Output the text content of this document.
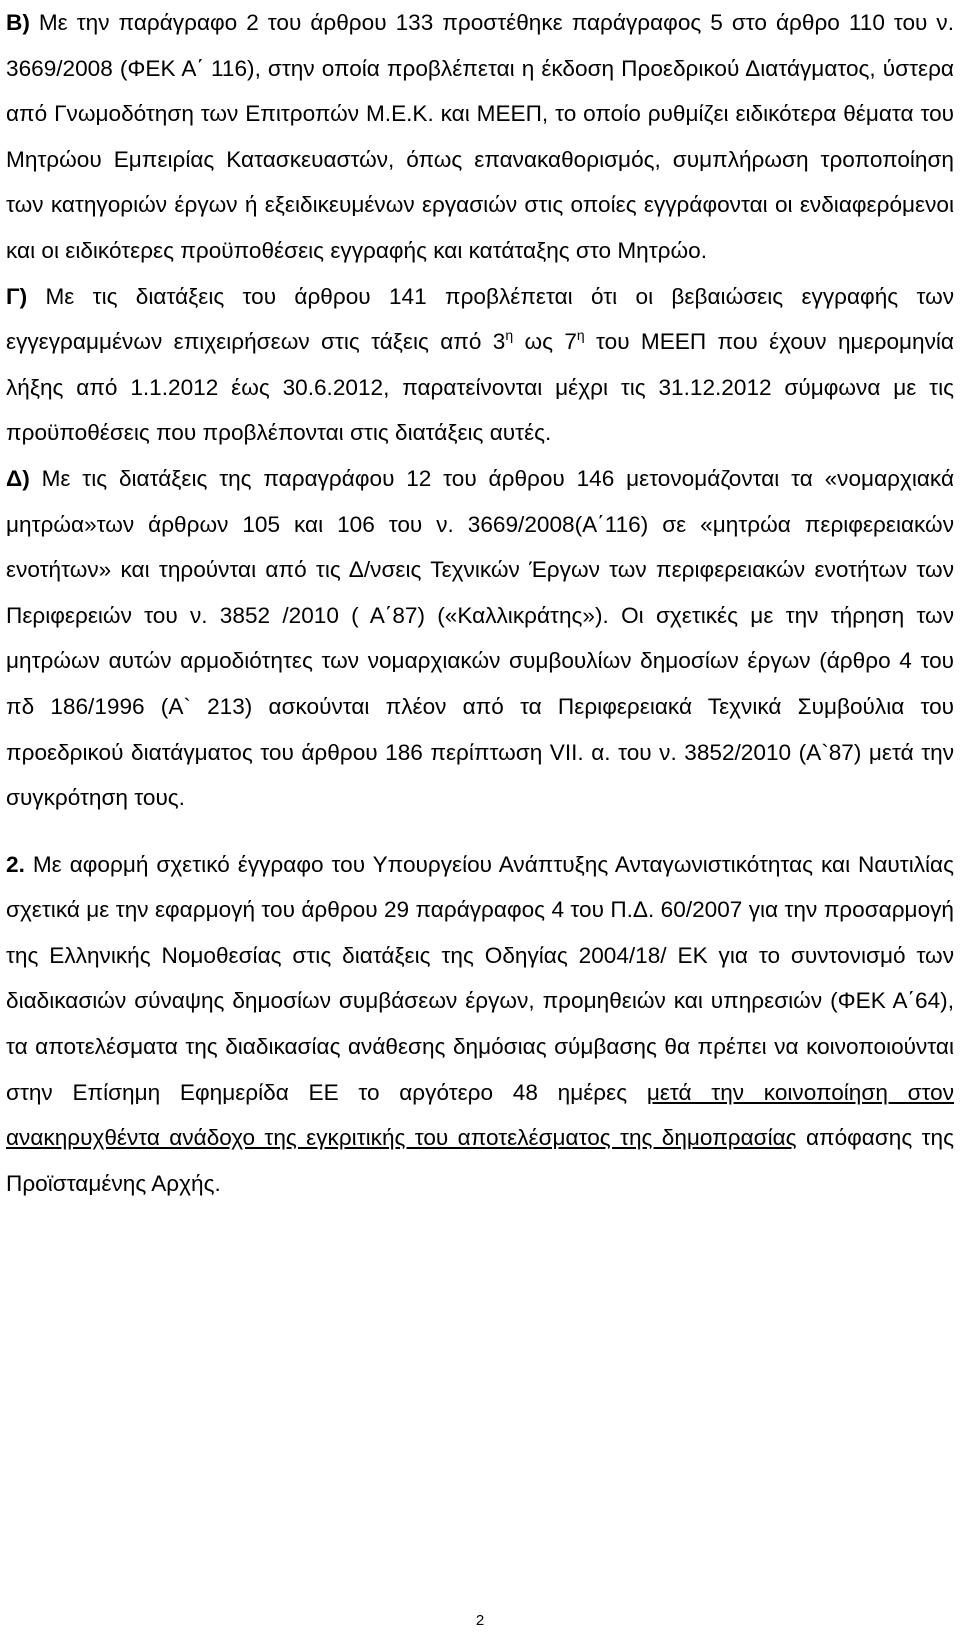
Β) Με την παράγραφο 2 του άρθρου 133 προστέθηκε παράγραφος 5 στο άρθρο 110 του ν. 3669/2008 (ΦΕΚ Α΄ 116), στην οποία προβλέπεται η έκδοση Προεδρικού Διατάγματος, ύστερα από Γνωμοδότηση των Επιτροπών Μ.Ε.Κ. και ΜΕΕΠ, το οποίο ρυθμίζει ειδικότερα θέματα του Μητρώου Εμπειρίας Κατασκευαστών, όπως επανακαθορισμός, συμπλήρωση τροποποίηση των κατηγοριών έργων ή εξειδικευμένων εργασιών στις οποίες εγγράφονται οι ενδιαφερόμενοι και οι ειδικότερες προϋποθέσεις εγγραφής και κατάταξης στο Μητρώο.

Γ) Με τις διατάξεις του άρθρου 141 προβλέπεται ότι οι βεβαιώσεις εγγραφής των εγγεγραμμένων επιχειρήσεων στις τάξεις από $3^\eta$ ως $7^\eta$ του ΜΕΕΠ που έχουν ημερομηνία λήξης από 1.1.2012 έως 30.6.2012, παρατείνονται μέχρι τις 31.12.2012 σύμφωνα με τις προϋποθέσεις που προβλέπονται στις διατάξεις αυτές.

Δ) Με τις διατάξεις της παραγράφου 12 του άρθρου 146 μετονομάζονται τα «νομαρχιακά μητρώα»των άρθρων 105 και 106 του ν. 3669/2008(Α΄116) σε «μητρώα περιφερειακών ενοτήτων» και τηρούνται από τις Δ/νσεις Τεχνικών Έργων των περιφερειακών ενοτήτων των Περιφερειών του ν. 3852 /2010 ( Α΄87) («Καλλικράτης»). Οι σχετικές με την τήρηση των μητρώων αυτών αρμοδιότητες των νομαρχιακών συμβουλίων δημοσίων έργων (άρθρο 4 του πδ 186/1996 (Α` 213) ασκούνται πλέον από τα Περιφερειακά Τεχνικά Συμβούλια του προεδρικού διατάγματος του άρθρου 186 περίπτωση VII. α. του ν. 3852/2010 (Α`87) μετά την συγκρότηση τους.

2. Με αφορμή σχετικό έγγραφο του Υπουργείου Ανάπτυξης Ανταγωνιστικότητας και Ναυτιλίας σχετικά με την εφαρμογή του άρθρου 29 παράγραφος 4 του Π.Δ. 60/2007 για την προσαρμογή της Ελληνικής Νομοθεσίας στις διατάξεις της Οδηγίας 2004/18/ ΕΚ για το συντονισμό των διαδικασιών σύναψης δημοσίων συμβάσεων έργων, προμηθειών και υπηρεσιών (ΦΕΚ Α΄64), τα αποτελέσματα της διαδικασίας ανάθεσης δημόσιας σύμβασης θα πρέπει να κοινοποιούνται στην Επίσημη Εφημερίδα ΕΕ το αργότερο 48 ημέρες μετά την κοινοποίηση στον ανακηρυχθέντα ανάδοχο της εγκριτικής του αποτελέσματος της δημοπρασίας απόφασης της Προϊσταμένης Αρχής.

2
